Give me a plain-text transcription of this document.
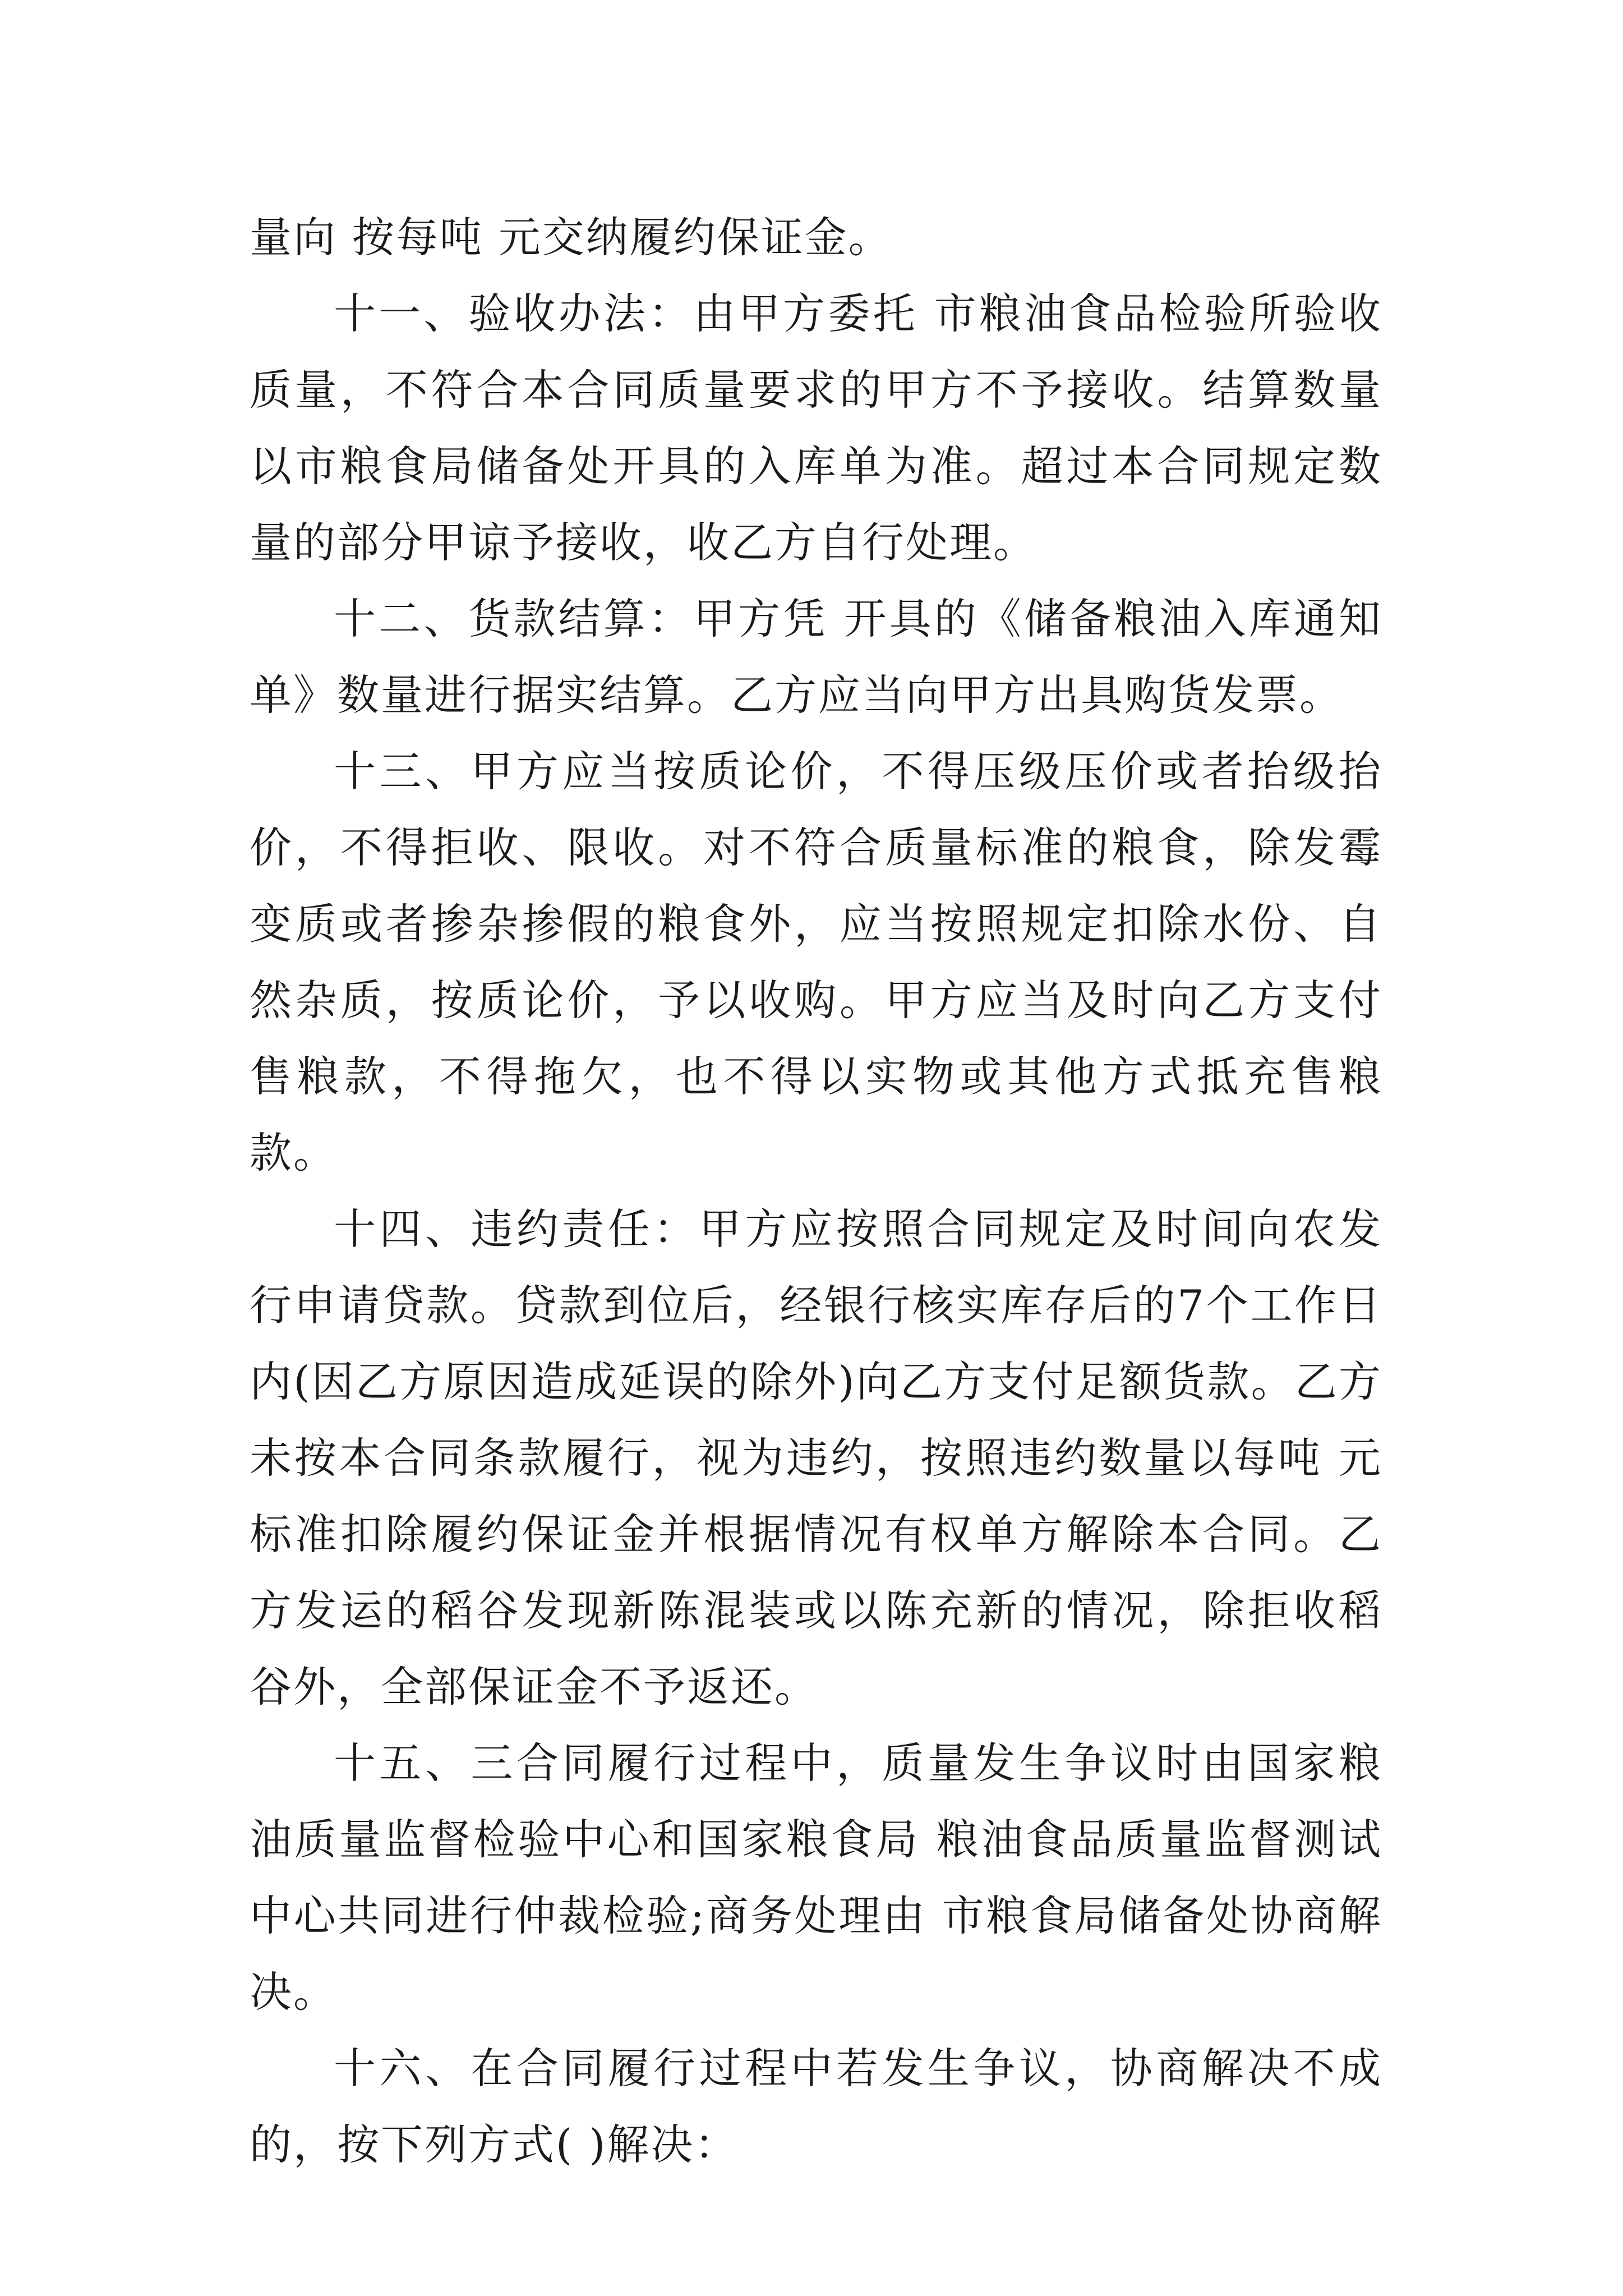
量向 按每吨 元交纳履约保证金。

十一、验收办法：由甲方委托 市粮油食品检验所验收质量，不符合本合同质量要求的甲方不予接收。结算数量以市粮食局储备处开具的入库单为准。超过本合同规定数量的部分甲谅予接收，收乙方自行处理。

十二、货款结算：甲方凭 开具的《储备粮油入库通知单》数量进行据实结算。乙方应当向甲方出具购货发票。

十三、甲方应当按质论价，不得压级压价或者抬级抬价，不得拒收、限收。对不符合质量标准的粮食，除发霉变质或者掺杂掺假的粮食外，应当按照规定扣除水份、自然杂质，按质论价，予以收购。甲方应当及时向乙方支付售粮款，不得拖欠，也不得以实物或其他方式抵充售粮款。

十四、违约责任：甲方应按照合同规定及时间向农发行申请贷款。贷款到位后，经银行核实库存后的7个工作日内(因乙方原因造成延误的除外)向乙方支付足额货款。乙方未按本合同条款履行，视为违约，按照违约数量以每吨 元标准扣除履约保证金并根据情况有权单方解除本合同。乙方发运的稻谷发现新陈混装或以陈充新的情况，除拒收稻谷外，全部保证金不予返还。

十五、三合同履行过程中，质量发生争议时由国家粮油质量监督检验中心和国家粮食局 粮油食品质量监督测试中心共同进行仲裁检验;商务处理由 市粮食局储备处协商解决。

十六、在合同履行过程中若发生争议，协商解决不成的，按下列方式( )解决：
